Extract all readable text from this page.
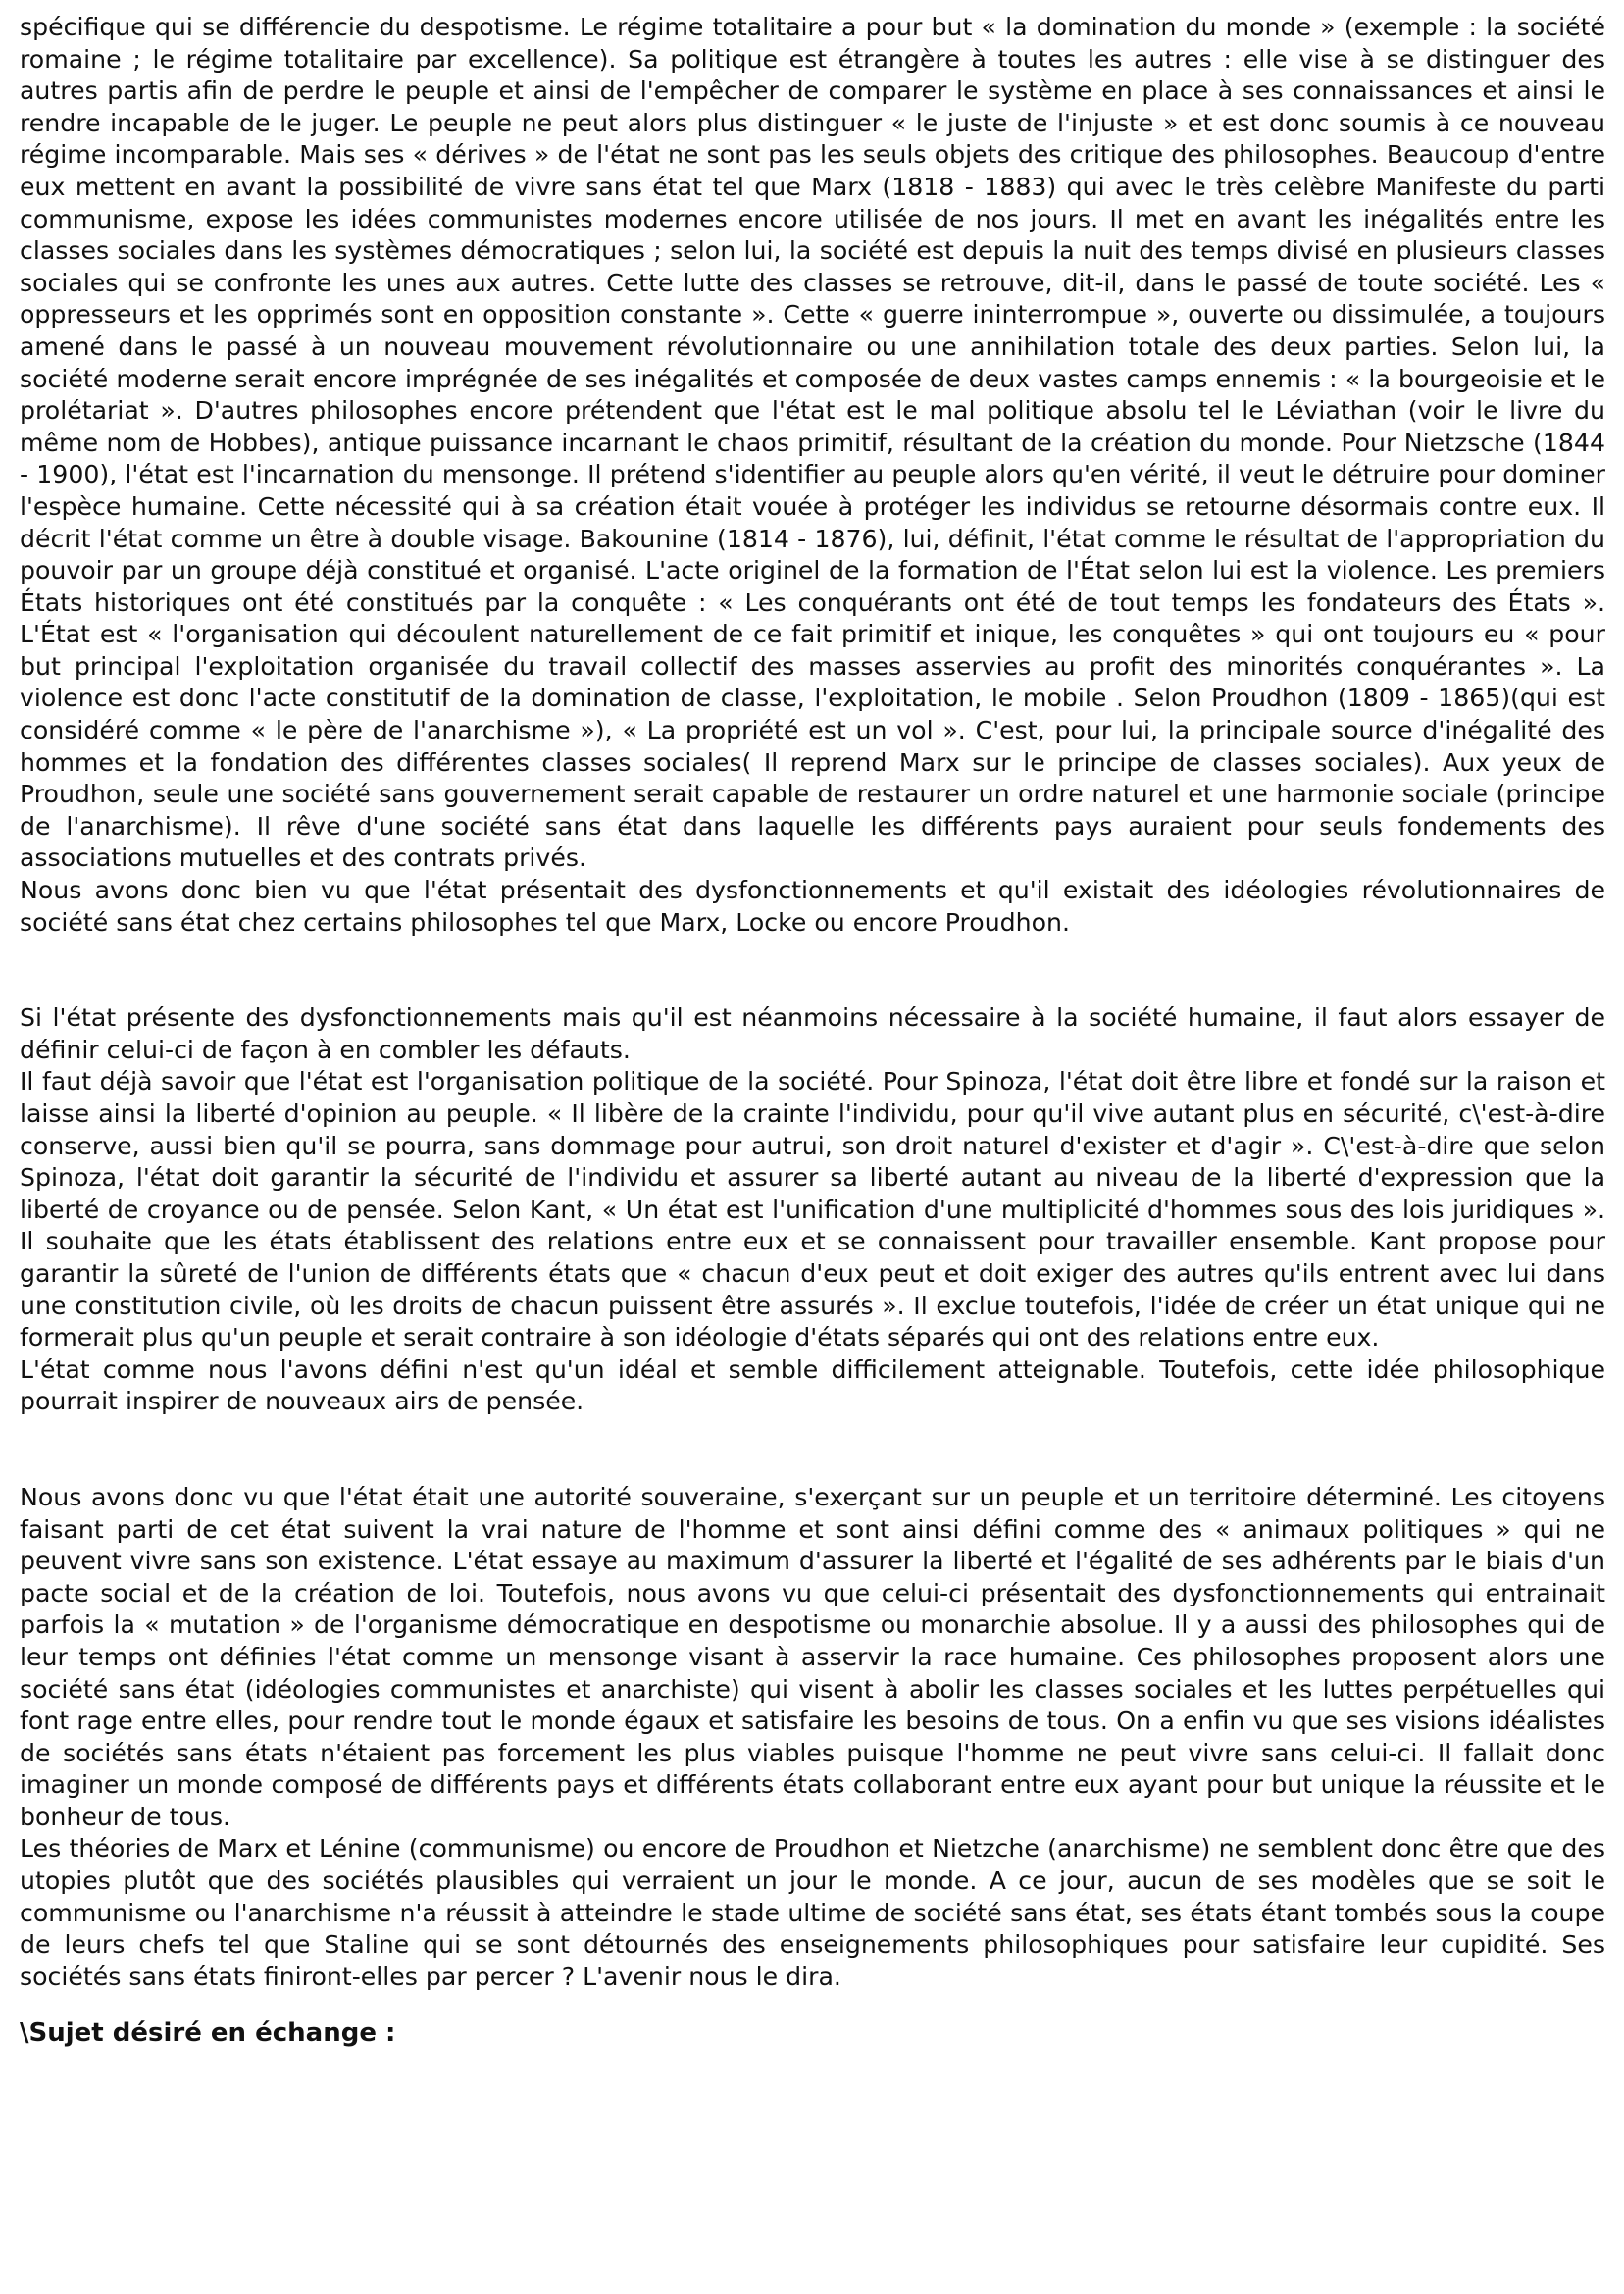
spécifique qui se différencie du despotisme. Le régime totalitaire a pour but « la domination du monde » (exemple : la société romaine ; le régime totalitaire par excellence). Sa politique est étrangère à toutes les autres : elle vise à se distinguer des autres partis afin de perdre le peuple et ainsi de l'empêcher de comparer le système en place à ses connaissances et ainsi le rendre incapable de le juger. Le peuple ne peut alors plus distinguer « le juste de l'injuste » et est donc soumis à ce nouveau régime incomparable. Mais ses « dérives » de l'état ne sont pas les seuls objets des critique des philosophes. Beaucoup d'entre eux mettent en avant la possibilité de vivre sans état tel que Marx (1818 - 1883) qui avec le très celèbre Manifeste du parti communisme, expose les idées communistes modernes encore utilisée de nos jours. Il met en avant les inégalités entre les classes sociales dans les systèmes démocratiques ; selon lui, la société est depuis la nuit des temps divisé en plusieurs classes sociales qui se confronte les unes aux autres. Cette lutte des classes se retrouve, dit-il, dans le passé de toute société. Les « oppresseurs et les opprimés sont en opposition constante ». Cette « guerre ininterrompue », ouverte ou dissimulée, a toujours amené dans le passé à un nouveau mouvement révolutionnaire ou une annihilation totale des deux parties. Selon lui, la société moderne serait encore imprégnée de ses inégalités et composée de deux vastes camps ennemis : « la bourgeoisie et le prolétariat ». D'autres philosophes encore prétendent que l'état est le mal politique absolu tel le Léviathan (voir le livre du même nom de Hobbes), antique puissance incarnant le chaos primitif, résultant de la création du monde. Pour Nietzsche (1844 - 1900), l'état est l'incarnation du mensonge. Il prétend s'identifier au peuple alors qu'en vérité, il veut le détruire pour dominer l'espèce humaine. Cette nécessité qui à sa création était vouée à protéger les individus se retourne désormais contre eux. Il décrit l'état comme un être à double visage. Bakounine (1814 - 1876), lui, définit, l'état comme le résultat de l'appropriation du pouvoir par un groupe déjà constitué et organisé. L'acte originel de la formation de l'État selon lui est la violence. Les premiers États historiques ont été constitués par la conquête : « Les conquérants ont été de tout temps les fondateurs des États ». L'État est « l'organisation qui découlent naturellement de ce fait primitif et inique, les conquêtes » qui ont toujours eu « pour but principal l'exploitation organisée du travail collectif des masses asservies au profit des minorités conquérantes ». La violence est donc l'acte constitutif de la domination de classe, l'exploitation, le mobile . Selon Proudhon (1809 - 1865)(qui est considéré comme « le père de l'anarchisme »), « La propriété est un vol ». C'est, pour lui, la principale source d'inégalité des hommes et la fondation des différentes classes sociales( Il reprend Marx sur le principe de classes sociales). Aux yeux de Proudhon, seule une société sans gouvernement serait capable de restaurer un ordre naturel et une harmonie sociale (principe de l'anarchisme). Il rêve d'une société sans état dans laquelle les différents pays auraient pour seuls fondements des associations mutuelles et des contrats privés.

Nous avons donc bien vu que l'état présentait des dysfonctionnements et qu'il existait des idéologies révolutionnaires de société sans état chez certains philosophes tel que Marx, Locke ou encore Proudhon.

Si l'état présente des dysfonctionnements mais qu'il est néanmoins nécessaire à la société humaine, il faut alors essayer de définir celui-ci de façon à en combler les défauts.

Il faut déjà savoir que l'état est l'organisation politique de la société. Pour Spinoza, l'état doit être libre et fondé sur la raison et laisse ainsi la liberté d'opinion au peuple. « Il libère de la crainte l'individu, pour qu'il vive autant plus en sécurité, c\'est-à-dire conserve, aussi bien qu'il se pourra, sans dommage pour autrui, son droit naturel d'exister et d'agir ». C\'est-à-dire que selon Spinoza, l'état doit garantir la sécurité de l'individu et assurer sa liberté autant au niveau de la liberté d'expression que la liberté de croyance ou de pensée. Selon Kant, « Un état est l'unification d'une multiplicité d'hommes sous des lois juridiques ». Il souhaite que les états établissent des relations entre eux et se connaissent pour travailler ensemble. Kant propose pour garantir la sûreté de l'union de différents états que « chacun d'eux peut et doit exiger des autres qu'ils entrent avec lui dans une constitution civile, où les droits de chacun puissent être assurés ». Il exclue toutefois, l'idée de créer un état unique qui ne formerait plus qu'un peuple et serait contraire à son idéologie d'états séparés qui ont des relations entre eux.

L'état comme nous l'avons défini n'est qu'un idéal et semble difficilement atteignable. Toutefois, cette idée philosophique pourrait inspirer de nouveaux airs de pensée.

Nous avons donc vu que l'état était une autorité souveraine, s'exerçant sur un peuple et un territoire déterminé. Les citoyens faisant parti de cet état suivent la vrai nature de l'homme et sont ainsi défini comme des « animaux politiques » qui ne peuvent vivre sans son existence. L'état essaye au maximum d'assurer la liberté et l'égalité de ses adhérents par le biais d'un pacte social et de la création de loi. Toutefois, nous avons vu que celui-ci présentait des dysfonctionnements qui entrainait parfois la « mutation » de l'organisme démocratique en despotisme ou monarchie absolue. Il y a aussi des philosophes qui de leur temps ont définies l'état comme un mensonge visant à asservir la race humaine. Ces philosophes proposent alors une société sans état (idéologies communistes et anarchiste) qui visent à abolir les classes sociales et les luttes perpétuelles qui font rage entre elles, pour rendre tout le monde égaux et satisfaire les besoins de tous. On a enfin vu que ses visions idéalistes de sociétés sans états n'étaient pas forcement les plus viables puisque l'homme ne peut vivre sans celui-ci. Il fallait donc imaginer un monde composé de différents pays et différents états collaborant entre eux ayant pour but unique la réussite et le bonheur de tous.

Les théories de Marx et Lénine (communisme) ou encore de Proudhon et Nietzche (anarchisme) ne semblent donc être que des utopies plutôt que des sociétés plausibles qui verraient un jour le monde. A ce jour, aucun de ses modèles que se soit le communisme ou l'anarchisme n'a réussit à atteindre le stade ultime de société sans état, ses états étant tombés sous la coupe de leurs chefs tel que Staline qui se sont détournés des enseignements philosophiques pour satisfaire leur cupidité. Ses sociétés sans états finiront-elles par percer ? L'avenir nous le dira.

\Sujet désiré en échange :
